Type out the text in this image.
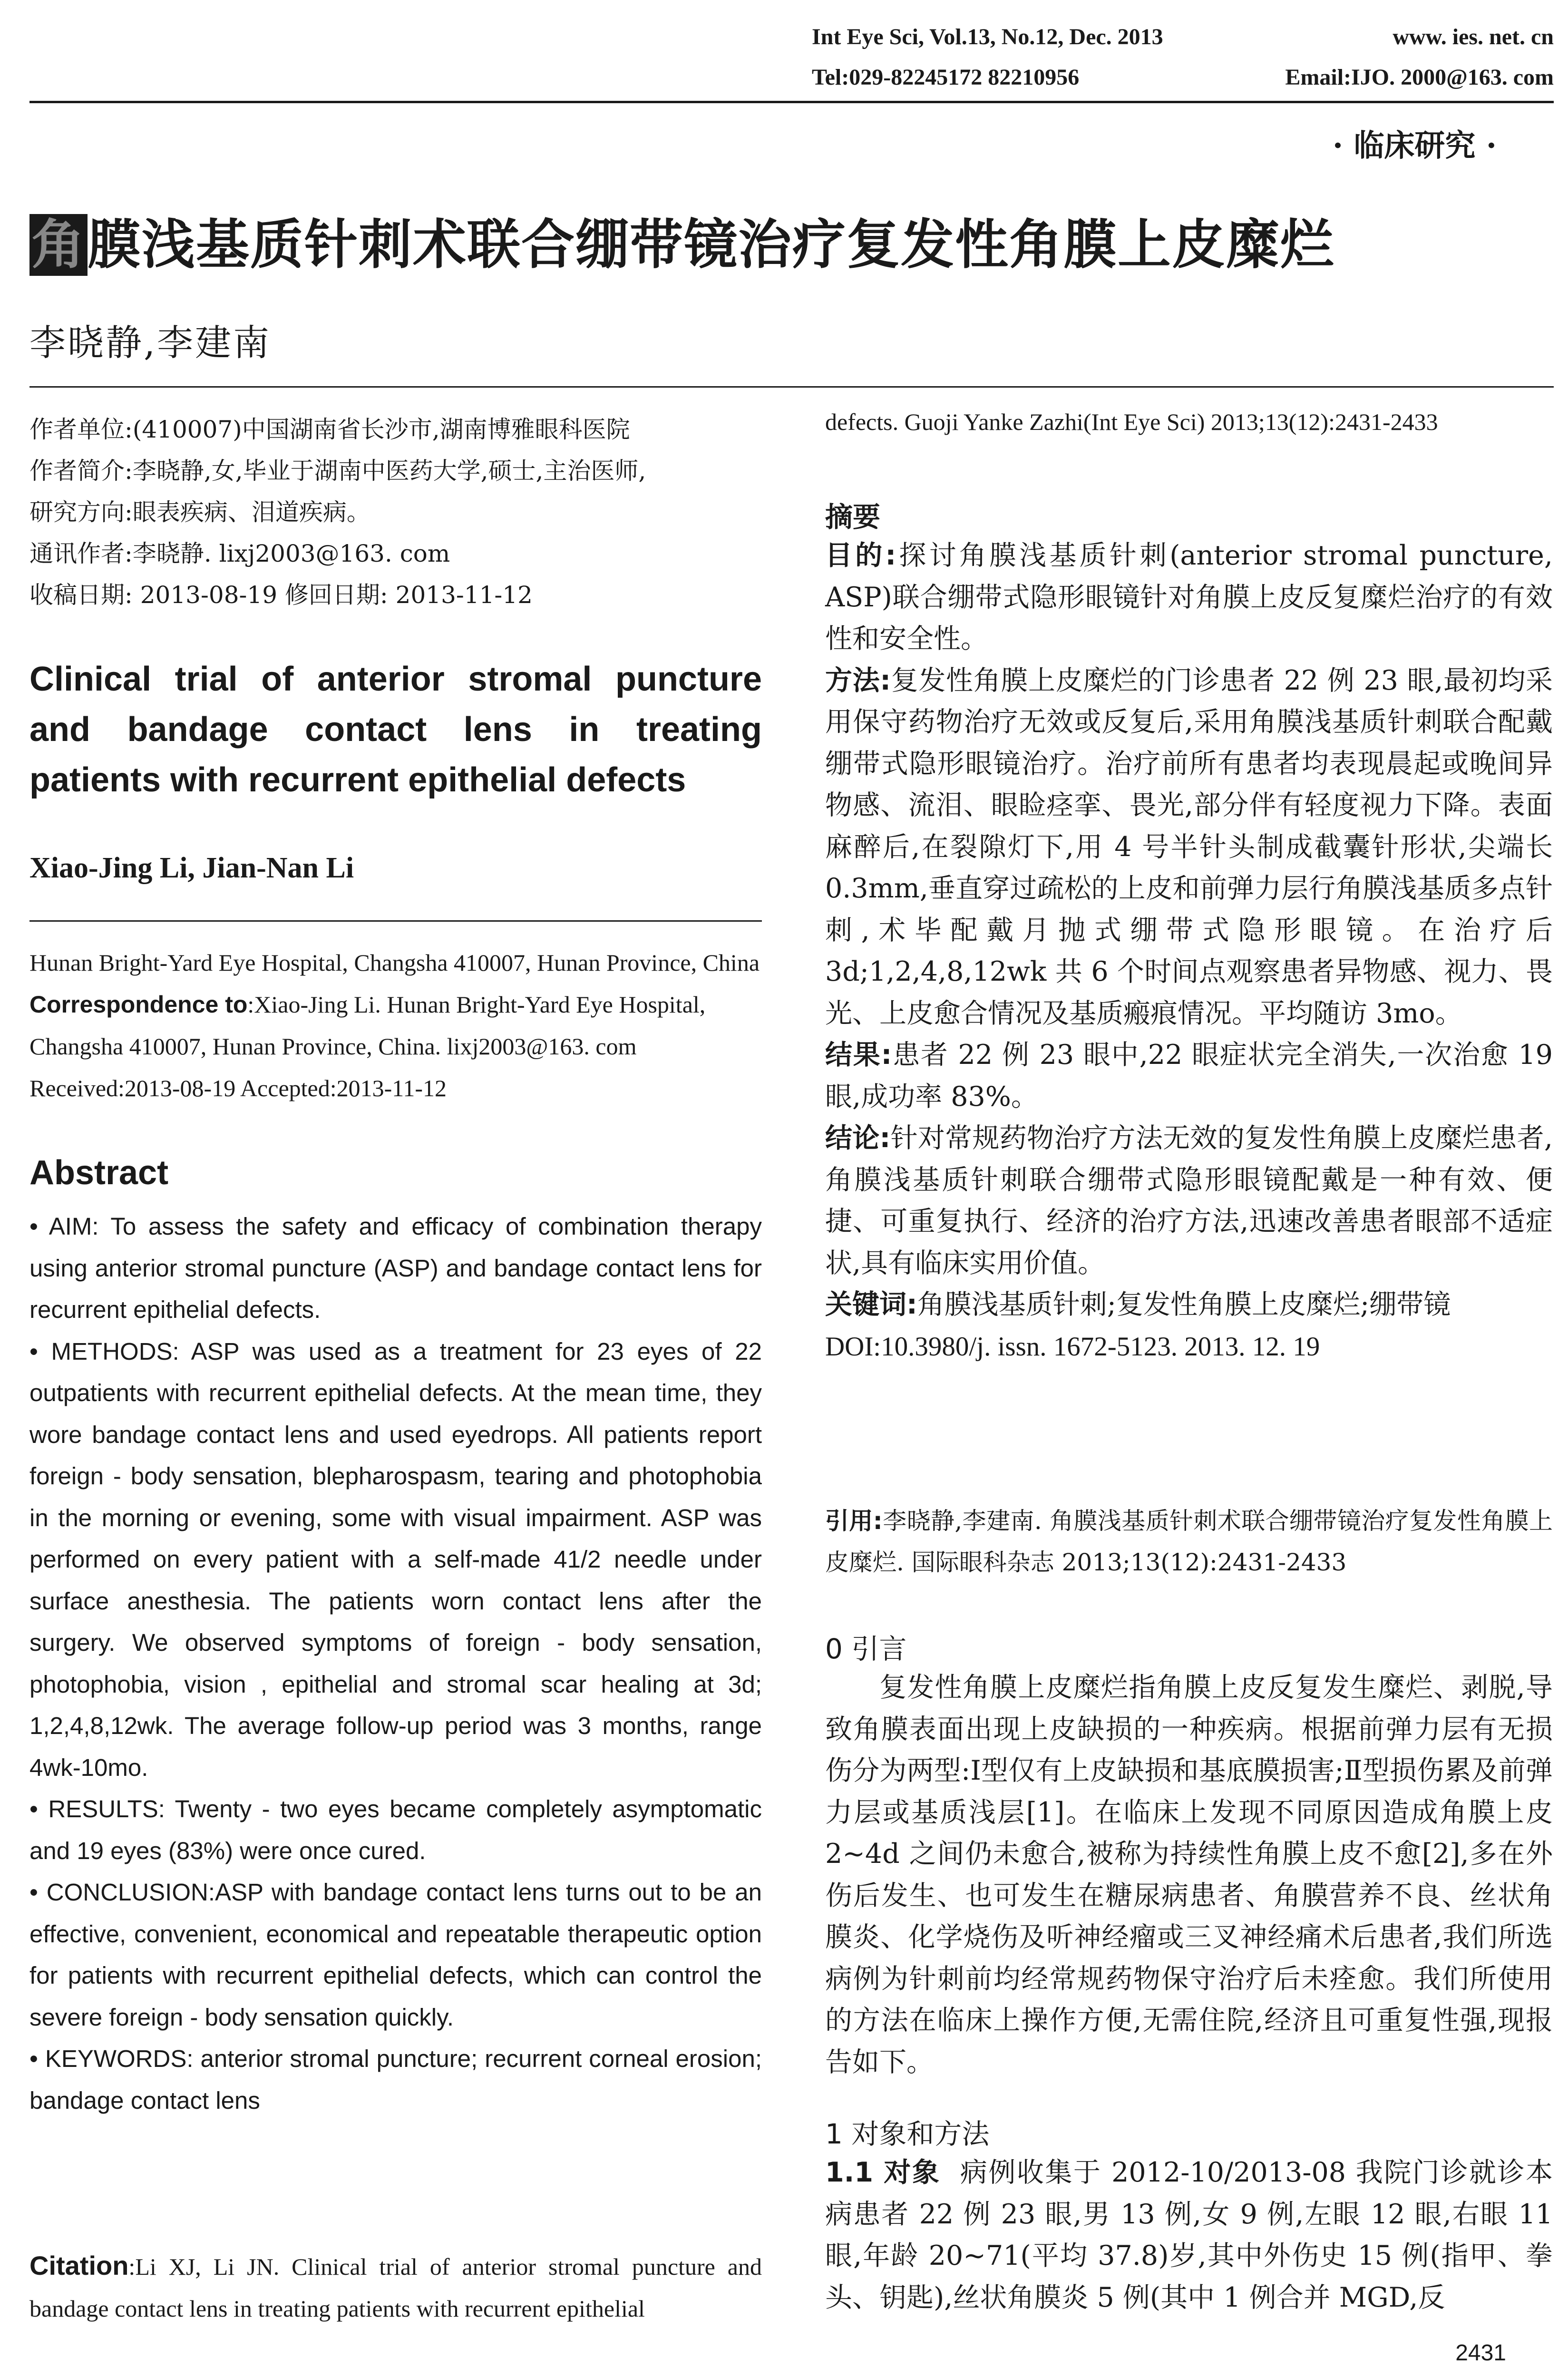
Int Eye Sci, Vol.13, No.12, Dec. 2013	www. ies. net. cn
Tel:029-82245172 82210956	Email:IJO. 2000@163. com
· 临床研究 ·
角膜浅基质针刺术联合绷带镜治疗复发性角膜上皮糜烂
李晓静,李建南
作者单位:(410007)中国湖南省长沙市,湖南博雅眼科医院
作者简介:李晓静,女,毕业于湖南中医药大学,硕士,主治医师,
研究方向:眼表疾病、泪道疾病。
通讯作者:李晓静. lixj2003@163. com
收稿日期: 2013-08-19 修回日期: 2013-11-12
Clinical trial of anterior stromal puncture and bandage contact lens in treating patients with recurrent epithelial defects
Xiao-Jing Li, Jian-Nan Li
Hunan Bright-Yard Eye Hospital, Changsha 410007, Hunan Province, China
Correspondence to:Xiao-Jing Li. Hunan Bright-Yard Eye Hospital,
Changsha 410007, Hunan Province, China. lixj2003@163. com
Received:2013-08-19 Accepted:2013-11-12
Abstract

• AIM: To assess the safety and efficacy of combination therapy using anterior stromal puncture (ASP) and bandage contact lens for recurrent epithelial defects.

• METHODS: ASP was used as a treatment for 23 eyes of 22 outpatients with recurrent epithelial defects. At the mean time, they wore bandage contact lens and used eyedrops. All patients report foreign - body sensation, blepharospasm, tearing and photophobia in the morning or evening, some with visual impairment. ASP was performed on every patient with a self-made 41/2 needle under surface anesthesia. The patients worn contact lens after the surgery. We observed symptoms of foreign - body sensation, photophobia, vision , epithelial and stromal scar healing at 3d; 1,2,4,8,12wk. The average follow-up period was 3 months, range 4wk-10mo.

• RESULTS: Twenty - two eyes became completely asymptomatic and 19 eyes (83%) were once cured.

• CONCLUSION:ASP with bandage contact lens turns out to be an effective, convenient, economical and repeatable therapeutic option for patients with recurrent epithelial defects, which can control the severe foreign - body sensation quickly.

• KEYWORDS: anterior stromal puncture; recurrent corneal erosion; bandage contact lens

Citation:Li XJ, Li JN. Clinical trial of anterior stromal puncture and bandage contact lens in treating patients with recurrent epithelial
defects. Guoji Yanke Zazhi(Int Eye Sci) 2013;13(12):2431-2433
摘要

目的:探讨角膜浅基质针刺(anterior stromal puncture, ASP)联合绷带式隐形眼镜针对角膜上皮反复糜烂治疗的有效性和安全性。

方法:复发性角膜上皮糜烂的门诊患者 22 例 23 眼,最初均采用保守药物治疗无效或反复后,采用角膜浅基质针刺联合配戴绷带式隐形眼镜治疗。治疗前所有患者均表现晨起或晚间异物感、流泪、眼睑痉挛、畏光,部分伴有轻度视力下降。表面麻醉后,在裂隙灯下,用 4 号半针头制成截囊针形状,尖端长 0.3mm,垂直穿过疏松的上皮和前弹力层行角膜浅基质多点针刺,术毕配戴月抛式绷带式隐形眼镜。在治疗后 3d;1,2,4,8,12wk 共 6 个时间点观察患者异物感、视力、畏光、上皮愈合情况及基质瘢痕情况。平均随访 3mo。

结果:患者 22 例 23 眼中,22 眼症状完全消失,一次治愈 19 眼,成功率 83%。

结论:针对常规药物治疗方法无效的复发性角膜上皮糜烂患者,角膜浅基质针刺联合绷带式隐形眼镜配戴是一种有效、便捷、可重复执行、经济的治疗方法,迅速改善患者眼部不适症状,具有临床实用价值。

关键词:角膜浅基质针刺;复发性角膜上皮糜烂;绷带镜

DOI:10.3980/j. issn. 1672-5123. 2013. 12. 19

引用:李晓静,李建南. 角膜浅基质针刺术联合绷带镜治疗复发性角膜上皮糜烂. 国际眼科杂志 2013;13(12):2431-2433
0 引言

复发性角膜上皮糜烂指角膜上皮反复发生糜烂、剥脱,导致角膜表面出现上皮缺损的一种疾病。根据前弹力层有无损伤分为两型:Ⅰ型仅有上皮缺损和基底膜损害;Ⅱ型损伤累及前弹力层或基质浅层[1]。在临床上发现不同原因造成角膜上皮 2~4d 之间仍未愈合,被称为持续性角膜上皮不愈[2],多在外伤后发生、也可发生在糖尿病患者、角膜营养不良、丝状角膜炎、化学烧伤及听神经瘤或三叉神经痛术后患者,我们所选病例为针刺前均经常规药物保守治疗后未痊愈。我们所使用的方法在临床上操作方便,无需住院,经济且可重复性强,现报告如下。

1 对象和方法
1.1 对象 病例收集于 2012-10/2013-08 我院门诊就诊本病患者 22 例 23 眼,男 13 例,女 9 例,左眼 12 眼,右眼 11 眼,年龄 20~71(平均 37.8)岁,其中外伤史 15 例(指甲、拳头、钥匙),丝状角膜炎 5 例(其中 1 例合并 MGD,反
2431
